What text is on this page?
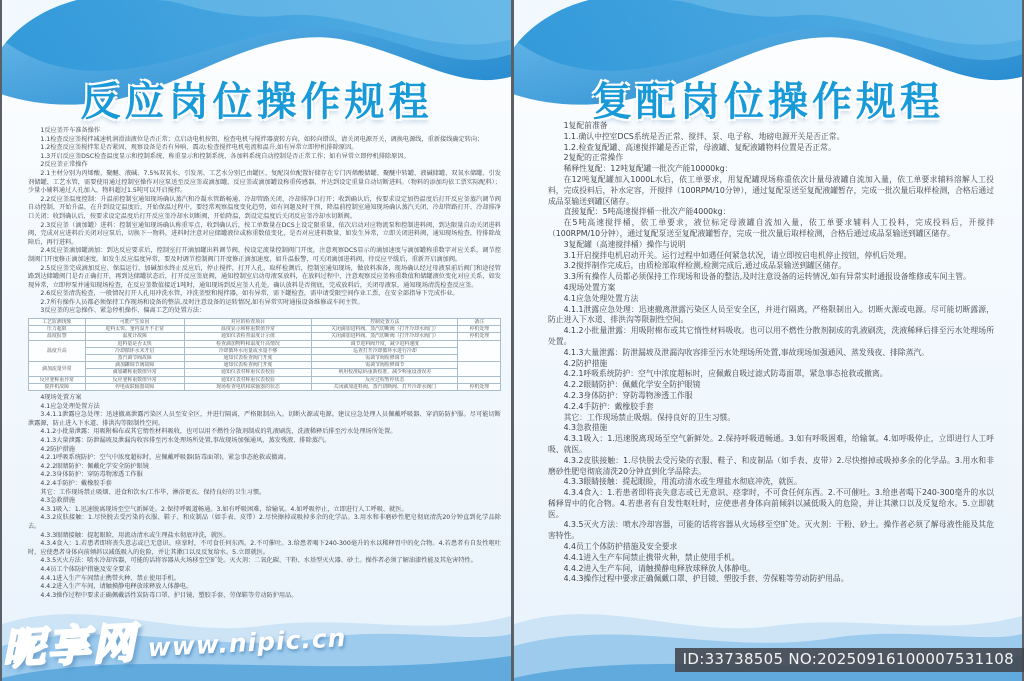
反应岗位操作规程

1反应釜开车准备操作

1.1检查反应釜搅拌减速机润滑油液位是否正常；点启动电机按钮，检查电机与搅拌器旋转方向，如转向错误，请关闭电源开关，调换电源线，重新接线确定转向；

1.2检查反应釜搅拌浆是否紧固、观察设备是否有异响、震动;检查搅拌电机电流和温升,如有异常立即停机排除原因。

1.3开启反应釜DSC检查温度显示和控制系统、称重显示和控制系统、各加料系统自动控制是否正常工作；如有异常立即停机排除原因。

2反应釜正常操作

2.1主材分别为丙烯酸、聚醚、液碱、7.5%双氧水、引发剂、工艺水分别已由罐区、复配岗位配置好储存在专门丙烯酸储罐、聚醚中转罐、液碱储罐、双氧水储罐、引发剂储罐、工艺水管，需要使用通过控制室操作对应泵送至反应釜或滴加罐，反应釜或滴加罐设称重传感器，并达到设定重量自动切断进料。（物料的添加均依工票实际配料）；少量小辅料通过人孔加入，物料超过1.5吨可以开启搅拌。

2.2反应釜温度控制：升温前控制室通知现场确认蒸汽和冷凝水管路畅通、冷却管路关闭、冷却排净口打开；收到确认后，按要求设定加热温度后打开反应釜蒸汽调节阀自动控制，开始升温，在升到设定温度后，开始保温过程中，要经常观察温度变化趋势，如有问题及时干预，降温前控制室通知现场确认蒸汽关闭、冷却管路打开、冷却排净口关闭；收到确认后，按要求设定温度后打开反应釜冷却水切断阀，开始降温，到设定温度后关闭反应釜冷却水切断阀。

2.3反应釜（滴加罐）进料：控制室通知现场确认称重零点，收到确认后，按工单数量在DCS上设定限重量，依次启动对应物流泵和控制进料阀，到达限量自动关闭进料阀，完成对应进料后关闭对应泵后，切换下一物料，进料时注意对应储罐液位或称重数值变化，是否对应进料数量，如发生异常，立即关闭进料阀，通知现场检查，待排除故障后，再行进料。

2.4反应釜滴加罐滴加：到达反应要求后，控制室打开滴加罐出料调节阀，按设定流量控制阀门开度，注意观察DCS显示的滴加速度与滴加罐称重数字对应关系，调节控制阀门开度修正滴加速度，如发生反应温度异常，要及时调节控制阀门开度修正滴加速度，如升温报警，可关闭滴加进料阀，待反应平缓后，重新开启滴加阀。

2.5反应釜完成滴加反应、保温运行、加碱加水终止反应后，停止搅拌，打开人孔，取样检测后，控制室通知现场，做放料准备，现场确认经过母液泵前后阀门和途径管路到达储罐阀门是否正确打开，再到达储罐状态后，打开反应釜底阀，通知控制室启动母液泵放料，在放料过程中，注意观察反应釜称重数值和储罐液位变化对应关系，如发现异常，立即停泵并通知现场检查，在反应釜数值接近1吨时，通知现场到反应釜人孔处，确认放料是否彻底，完成放料后，关闭母液泵，通知现场清洗检查反应釜。

2.6反应釜清洗检查，一般情况打开人孔用冲洗水管，冲洗釜壁和搅拌器，如有异常，需下罐检查，需申请受限空间作业工票，在安全部指导下完成作业。

2.7所有操作人员都必须保持工作现场和设备的整洁,及时注意设备的运转情况,如有异常实时通报设备维修或车间主管。

3反应釜的应急操作、紧急停机操作、偏离工艺的处置方法：

工艺监测现象	可能产生原因	对应的检查项目	控制处置方法	备注
压力超限	进料太快、釜内温升不正常	温度显示和称重数值异常	关闭滴加进料阀、蒸汽切断阀（打开冷却水阀门）	停机处理
温度报警	温度计故障	通知仪表检查温度计示值	关闭滴加进料阀、蒸汽切断阀（打开冷却水阀门）	停机处理
温度升高	进料量是否太快	检查滴加物料和温度升高情况	调节进料阀开度，减少进料速度	
	冷却循环水未开启	冷却循环水用量或水量不够	巡查打开冷却循环水进行冷却	
	蒸汽调节阀故障	通知仪表检查阀门开度	需调节阀检修调节	
滴加流量异常	滴加罐调节阀故障	通知仪表检查阀门开度	需调节阀检修调节	
	滴加罐称重数值异常	通知仪表对称重仪表校验	利用校准砝码重新校准，减少称重设备误差	
反应釜称重异常	反应釜称重数值异常	通知仪表对称重仪表校验	反应过程暂停状态	
搅拌机故障	停电或联轴器故障	现场检查电机和联轴器的状态	关闭滴加进料阀、蒸汽切断阀、打开冷却水阀门	停机处理

4现场处置方案

4.1应急处理处置方法

3.4.1.1泄露应急处理：迅速撤离泄露污染区人员至安全区，并进行隔离，严格限制出入。切断火源或电源。建议应急处理人员佩戴呼吸器、穿消防防护服。尽可能切断泄露源，防止进入下水道、排洪沟等限制性空间。

4.1.2小批量泄露：用吸附棉布或其它惰性材料吸收，也可以用不燃性分散剂制成的乳液刷洗，洗液稀释后排至污水处理场所处置。

4.1.3大量泄露：防泄漏坡及泄漏沟收容排至污水处理场所处置,事故现场加强通风、蒸发残液、排除蒸汽。

4.2防护措施

4.2.1呼吸系统防护：空气中浓度超标时，应佩戴呼吸器(防毒面罩)，紧急事态抢救或撤离。

4.2.2眼睛防护：佩戴化学安全防护眼镜

4.2.3身体防护：穿防毒物渗透工作服

4.2.4手防护：戴橡胶手套

其它：工作现场禁止吸烟、进食和饮水/工作毕，淋浴更衣。保持良好的卫生习惯。

4.3急救措施

4.3.1吸入：1.迅速脱离现场至空气新鲜处。2.保持呼吸道畅通。3.如有呼吸困难，给输氧。4.如呼吸停止，立即进行人工呼吸、就医。

4.3.2皮肤接触：1.尽快脱去受污染的衣服、鞋子、和皮制品（如手表、皮带）2.尽快擦掉或吸掉多余的化学品。3.用水和非磨砂性肥皂彻底清洗20分钟直到化学品除去。

4.3.3眼睛接触：提起眼睑，用流动清水或生理盐水彻底冲洗，就医。

4.3.4食入：1.若患者即将丧失意志或已无意识、痉挛时，不可食任何东西。2.不可催吐。3.给患者喝下240-300毫升的水以稀释胃中的化合物。4.若患者有自发性呕吐时，应使患者身体向前倾斜以减低吸入的危险，并让其漱口以及反复给水。5.立即就医。

4.3.5灭火方法：喷水冷却容器，可能的话将容器从火场移至空旷处。灭火剂：二氧化碳、干粉、水基型灭火器、砂土。操作者必须了解油漆性能及其危害特性。

4.4员工个体防护措施及安全要求

4.4.1进入生产车间禁止携带火种、禁止使用手机。

4.4.2进入生产车间，请触摸静电释放球释放人体静电。

4.4.3操作过程中要求正确佩戴活性炭防毒口罩、护目镜、塑胶手套、劳保鞋等劳动防护用品。

复配岗位操作规程

1复配前准备

1.1.确认中控室DCS系统是否正常、搅拌、泵、电子称、地磅电源开关是否正常。

1.2.检查复配罐、高速搅拌罐是否正常，母液罐、复配液罐物料位置是否正常。

2复配的正常操作

稀释性复配：12吨复配罐一批次产能10000kg：

在12吨复配罐加入1000L水后，依工单要求，用复配罐现场称重依次计量母液罐自流加入量，依工单要求辅料溶解人工投料，完成投料后，补水定容，开搅拌（100RPM/10分钟），通过复配泵送至复配液罐暂存，完成一批次量后取样检测，合格后通过成品泵输送到罐区储存。

直接复配：5吨高速搅拌桶一批次产能4000kg：

在5吨高速搅拌桶，依工单要求，液位标定母液罐自流加入量，依工单要求辅料人工投料，完成投料后，开搅拌（100RPM/10分钟），通过复配泵送至复配液罐暂存，完成一批次量后取样检测，合格后通过成品泵输送到罐区储存。

3复配罐（高速搅拌桶）操作与说明

3.1开启搅拌电机启动开关。运行过程中如遇任何紧急状况，请立即按启电机停止按钮，停机后处理。

3.2搅拌制作完成后，由质检部取样检测,检测完成后,通过成品泵输送到罐区储存。

3.3所有操作人员都必须保持工作现场和设备的整洁,及时注意设备的运转情况,如有异常实时通报设备维修或车间主管。

4现场处置方案

4.1应急处理处置方法

4.1.1泄露应急处理：迅速撤离泄露污染区人员至安全区，并进行隔离，严格限制出入。切断火源或电源。尽可能切断露源，防止进入下水道、排洪沟等限制性空间。

4.1.2小批量泄露：用吸附棉布或其它惰性材料吸收。也可以用不燃性分散剂制成的乳液刷洗，洗液稀释后排至污水处理场所处置。

4.1.3大量泄露：防泄漏坡及泄漏沟收容排至污水处理场所处置,事故现场加强通风、蒸发残夜、排除蒸汽。

4.2防护措施

4.2.1呼吸系统防护：空气中浓度超标时，应佩戴自吸过滤式防毒面罩，紧急事态抢救或撤离。

4.2.2眼睛防护：佩戴化学安全防护眼镜

4.2.3身体防护：穿防毒物渗透工作服

4.2.4手防护：戴橡胶手套

其它：工作现场禁止吸烟。保持良好的卫生习惯。

4.3急救措施

4.3.1吸入：1.迅速脱离现场至空气新鲜处。2.保持呼吸道畅通。3.如有呼吸困难，给输氧。4.如呼吸停止，立即进行人工呼吸、就医。

4.3.2皮肤接触：1.尽快脱去受污染的衣服、鞋子、和皮制品（如手表、皮带）2.尽快擦掉或吸掉多余的化学品。3.用水和非磨砂性肥皂彻底清洗20分钟直到化学品除去。

4.3.3眼睛接触：提起眼睑，用流动清水或生理盐水彻底冲洗，就医。

4.3.4食入：1.若患者即将丧失意志或已无意识、痉挛时，不可食任何东西。2.不可催吐。3.给患者喝下240-300毫升的水以稀释胃中的化合物。4.若患者有自发性呕吐时，应使患者身体向前倾斜以减低吸入的危险，并让其漱口以及反复给水。5.立即就医。

4.3.5灭火方法：喷水冷却容器，可能的话将容器从火场移至空旷处。灭火剂：干粉、砂土。操作者必须了解母液性能及其危害特性。

4.4员工个体防护措施及安全要求

4.4.1进入生产车间禁止携带火种，禁止使用手机。

4.4.2进入生产车间，请触摸静电释放球释放人体静电。

4.4.3操作过程中要求正确佩戴口罩、护目镜、塑胶手套、劳保鞋等劳动防护用品。

昵享网 www.nipic.cn	ID:33738505 NO:20250916100007531108
